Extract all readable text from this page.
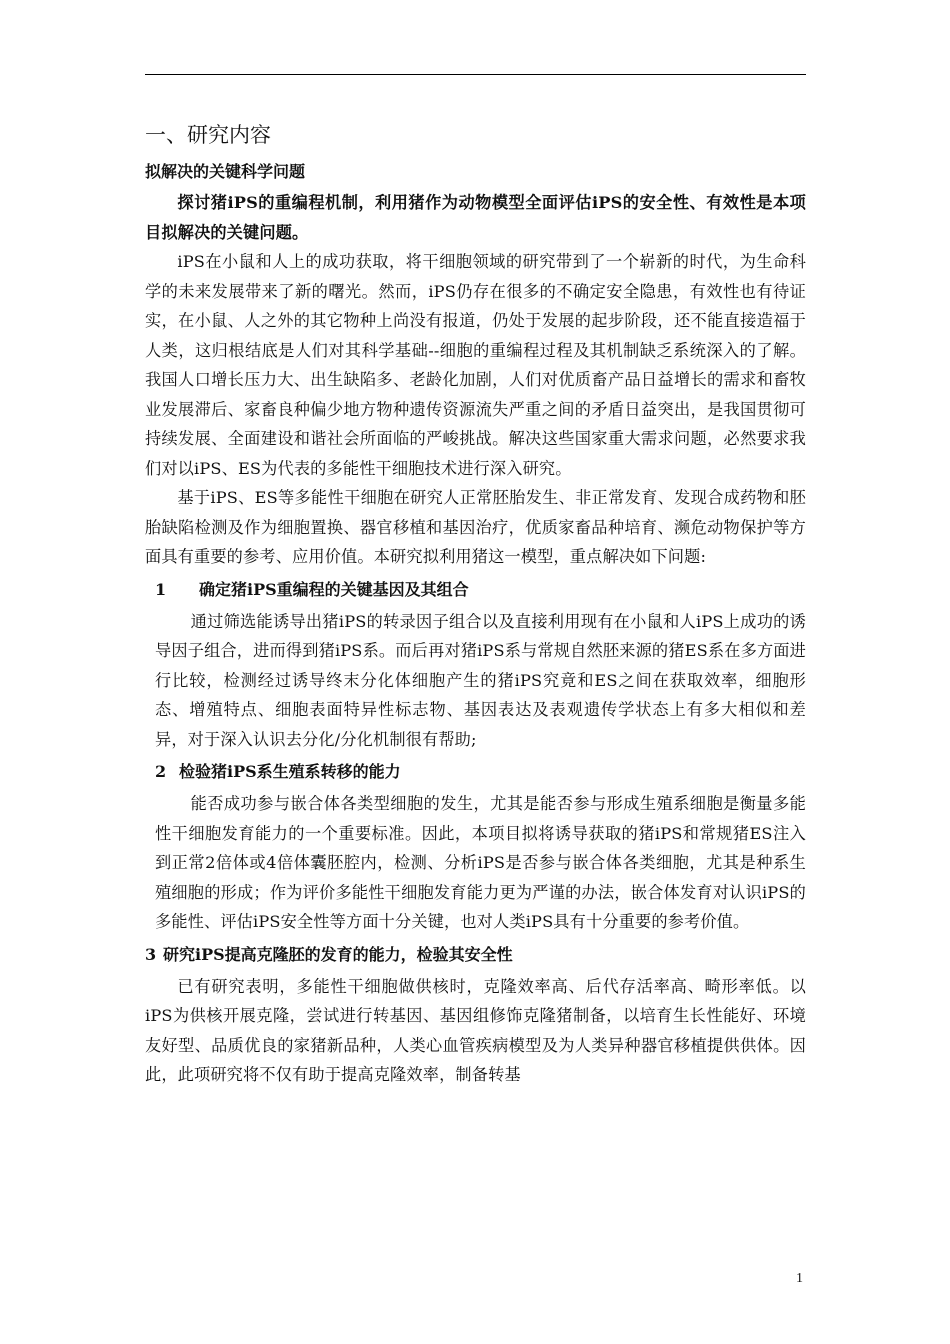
一、研究内容
拟解决的关键科学问题

探讨猪iPS的重编程机制，利用猪作为动物模型全面评估iPS的安全性、有效性是本项目拟解决的关键问题。

iPS在小鼠和人上的成功获取，将干细胞领域的研究带到了一个崭新的时代，为生命科学的未来发展带来了新的曙光。然而，iPS仍存在很多的不确定安全隐患，有效性也有待证实，在小鼠、人之外的其它物种上尚没有报道，仍处于发展的起步阶段，还不能直接造福于人类，这归根结底是人们对其科学基础--细胞的重编程过程及其机制缺乏系统深入的了解。我国人口增长压力大、出生缺陷多、老龄化加剧，人们对优质畜产品日益增长的需求和畜牧业发展滞后、家畜良种偏少地方物种遗传资源流失严重之间的矛盾日益突出，是我国贯彻可持续发展、全面建设和谐社会所面临的严峻挑战。解决这些国家重大需求问题，必然要求我们对以iPS、ES为代表的多能性干细胞技术进行深入研究。

基于iPS、ES等多能性干细胞在研究人正常胚胎发生、非正常发育、发现合成药物和胚胎缺陷检测及作为细胞置换、器官移植和基因治疗，优质家畜品种培育、濒危动物保护等方面具有重要的参考、应用价值。本研究拟利用猪这一模型，重点解决如下问题:

1 确定猪iPS重编程的关键基因及其组合

通过筛选能诱导出猪iPS的转录因子组合以及直接利用现有在小鼠和人iPS上成功的诱导因子组合，进而得到猪iPS系。而后再对猪iPS系与常规自然胚来源的猪ES系在多方面进行比较，检测经过诱导终末分化体细胞产生的猪iPS究竟和ES之间在获取效率，细胞形态、增殖特点、细胞表面特异性标志物、基因表达及表观遗传学状态上有多大相似和差异，对于深入认识去分化/分化机制很有帮助;

2 检验猪iPS系生殖系转移的能力

能否成功参与嵌合体各类型细胞的发生，尤其是能否参与形成生殖系细胞是衡量多能性干细胞发育能力的一个重要标准。因此，本项目拟将诱导获取的猪iPS和常规猪ES注入到正常2倍体或4倍体囊胚腔内，检测、分析iPS是否参与嵌合体各类细胞，尤其是种系生殖细胞的形成；作为评价多能性干细胞发育能力更为严谨的办法，嵌合体发育对认识iPS的多能性、评估iPS安全性等方面十分关键，也对人类iPS具有十分重要的参考价值。

3 研究iPS提高克隆胚的发育的能力，检验其安全性

已有研究表明，多能性干细胞做供核时，克隆效率高、后代存活率高、畸形率低。以iPS为供核开展克隆，尝试进行转基因、基因组修饰克隆猪制备，以培育生长性能好、环境友好型、品质优良的家猪新品种，人类心血管疾病模型及为人类异种器官移植提供供体。因此，此项研究将不仅有助于提高克隆效率，制备转基

1
